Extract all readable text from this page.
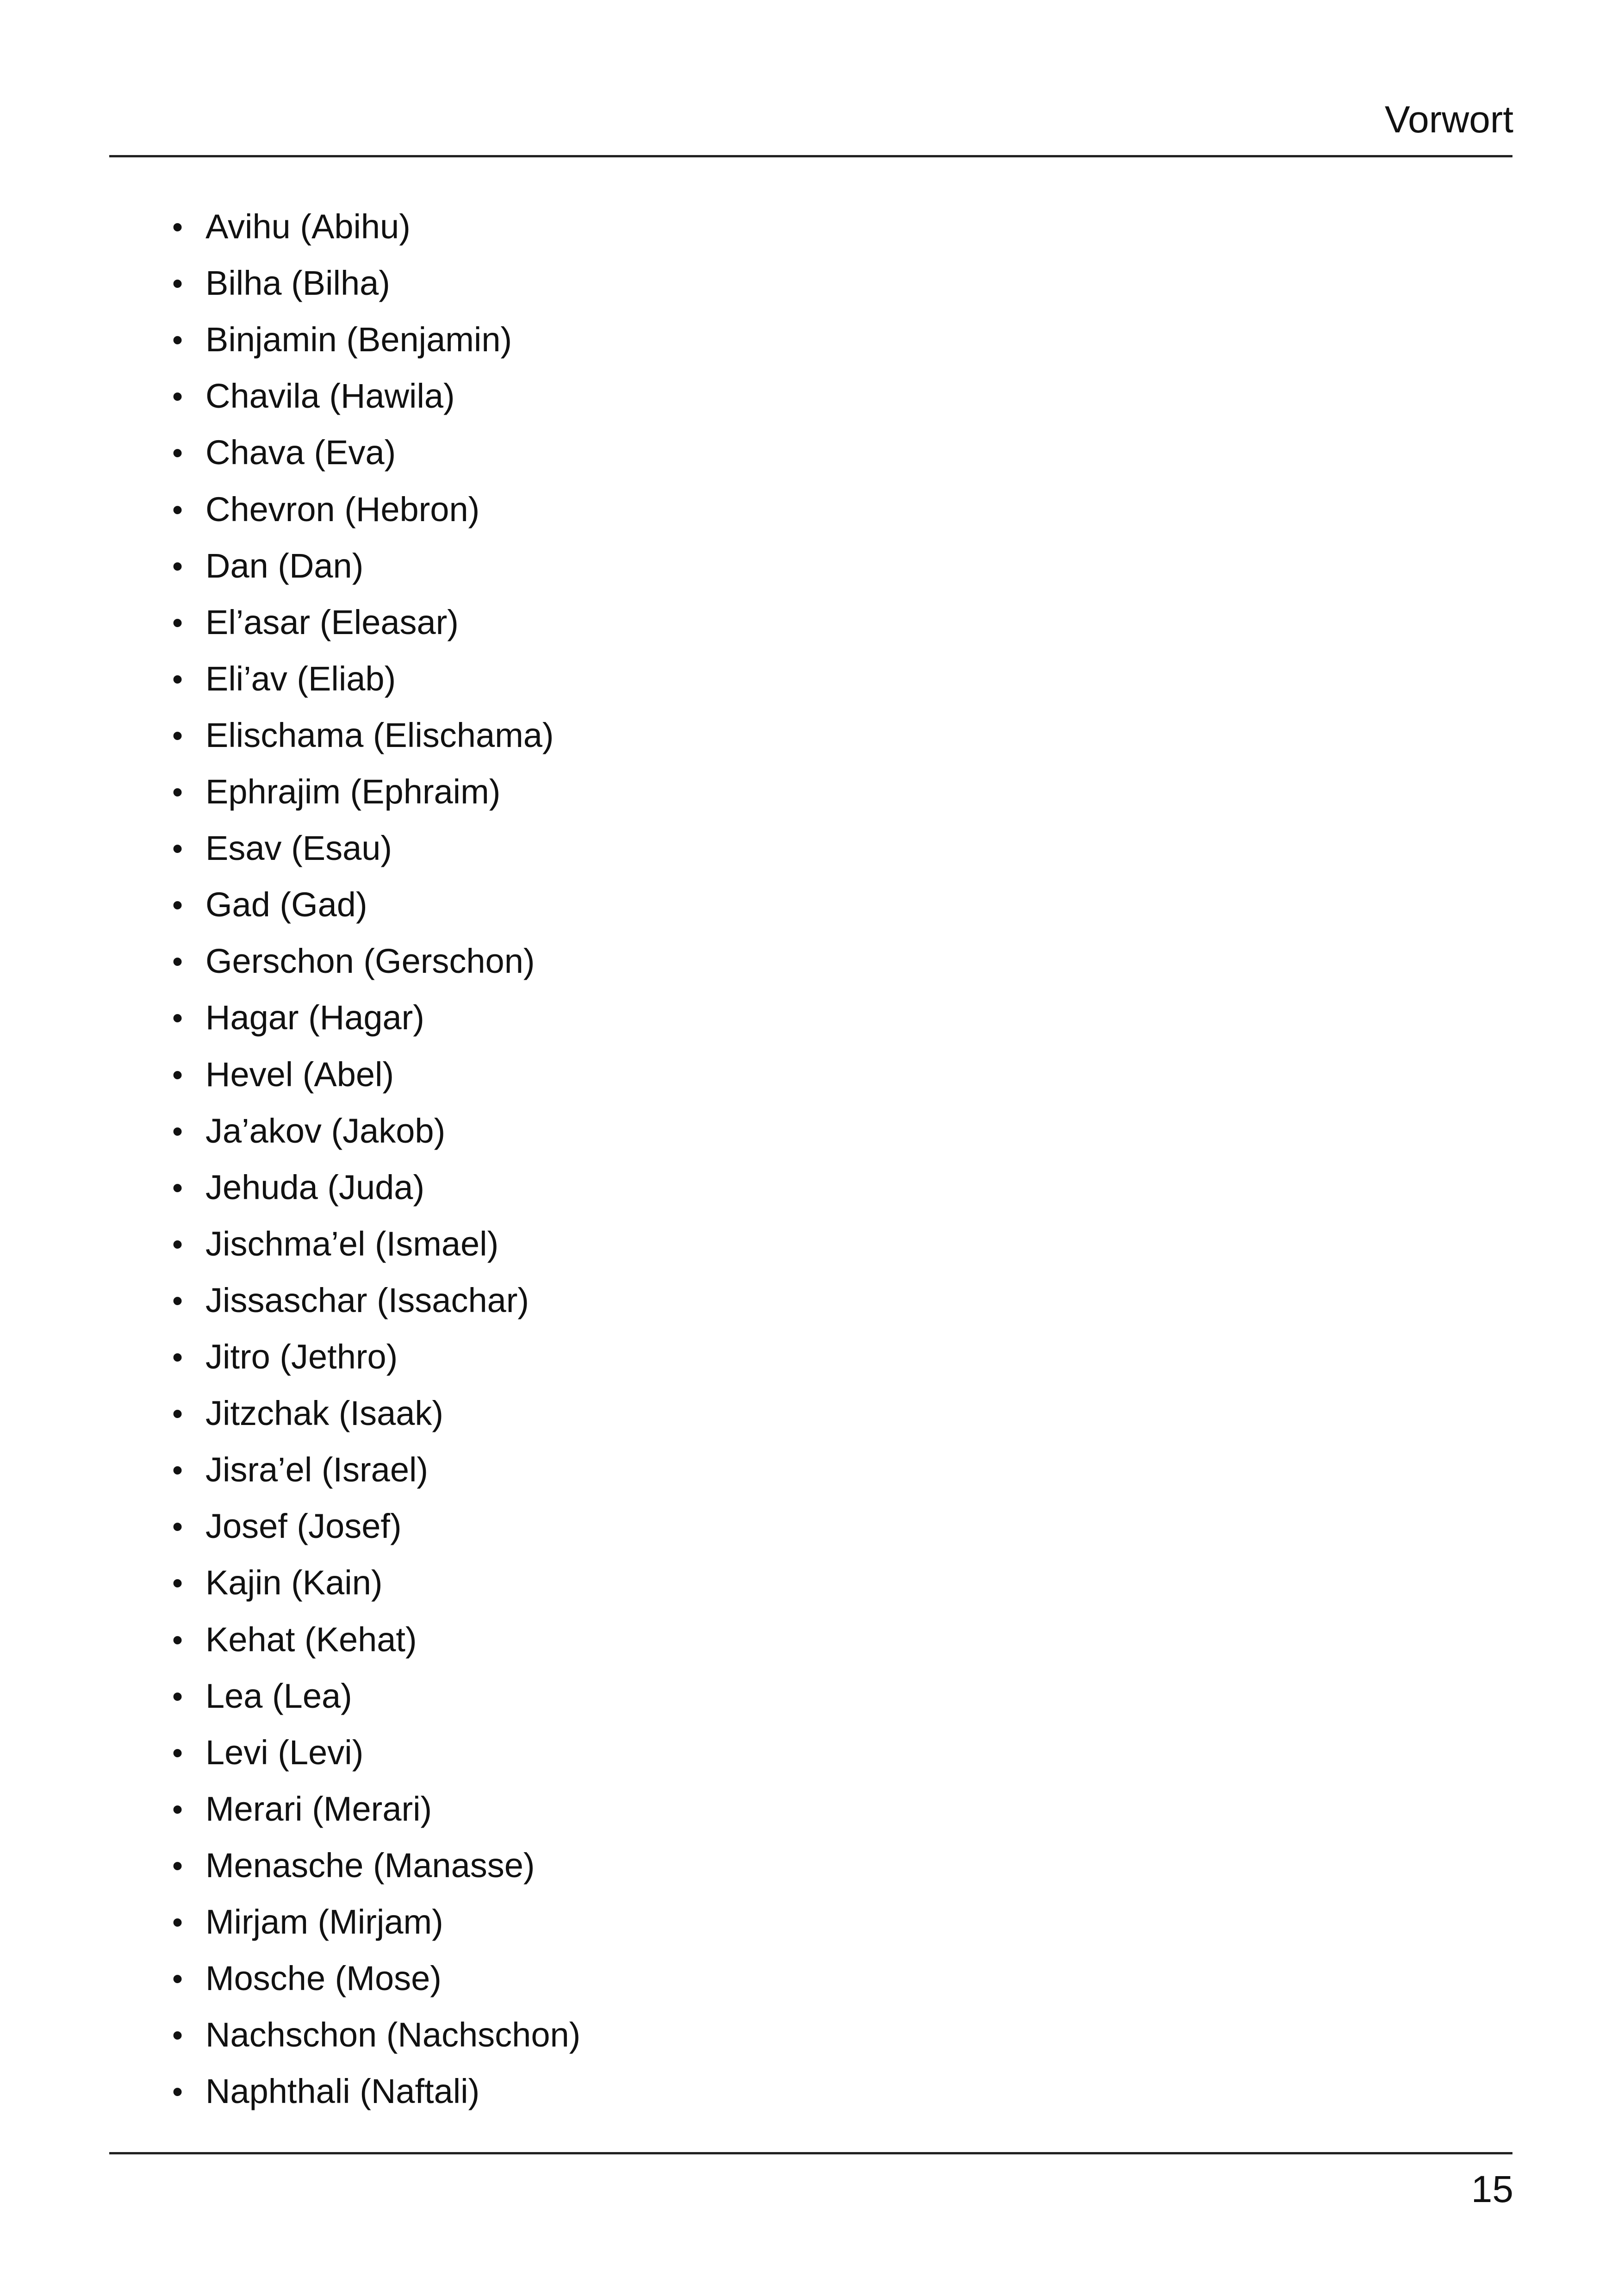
Vorwort
• Avihu (Abihu)
• Bilha (Bilha)
• Binjamin (Benjamin)
• Chavila (Hawila)
• Chava (Eva)
• Chevron (Hebron)
• Dan (Dan)
• El’asar (Eleasar)
• Eli’av (Eliab)
• Elischama (Elischama)
• Ephrajim (Ephraim)
• Esav (Esau)
• Gad (Gad)
• Gerschon (Gerschon)
• Hagar (Hagar)
• Hevel (Abel)
• Ja’akov (Jakob)
• Jehuda (Juda)
• Jischma’el (Ismael)
• Jissaschar (Issachar)
• Jitro (Jethro)
• Jitzchak (Isaak)
• Jisra’el (Israel)
• Josef (Josef)
• Kajin (Kain)
• Kehat (Kehat)
• Lea (Lea)
• Levi (Levi)
• Merari (Merari)
• Menasche (Manasse)
• Mirjam (Mirjam)
• Mosche (Mose)
• Nachschon (Nachschon)
• Naphthali (Naftali)
15
